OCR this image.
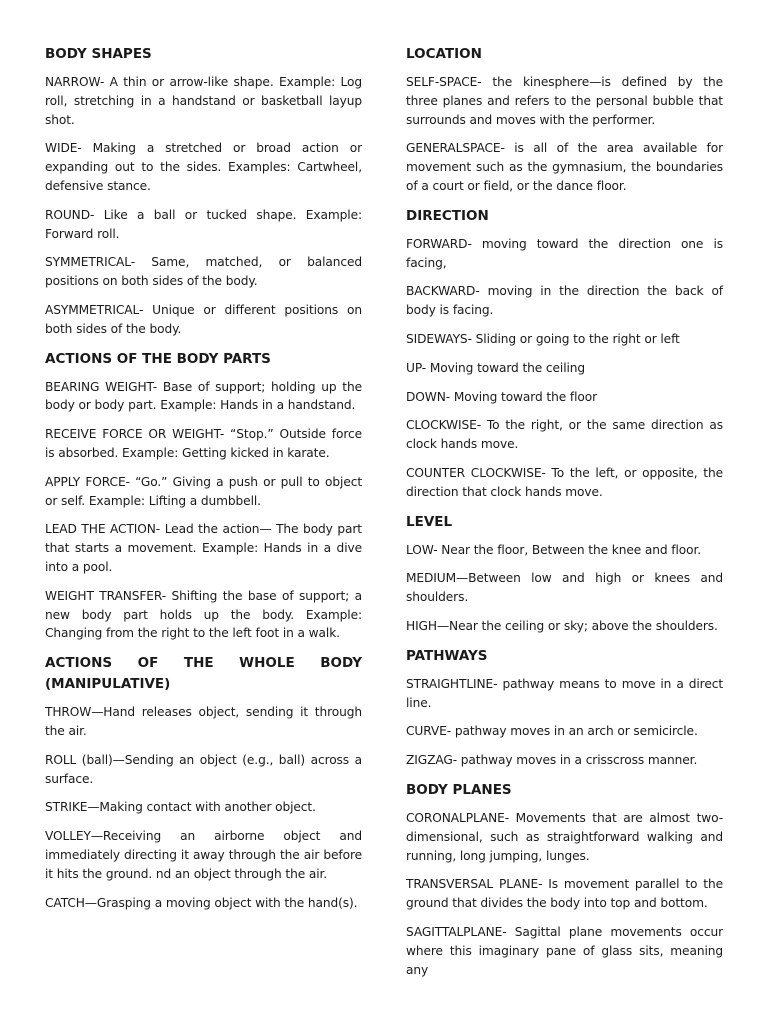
BODY SHAPES

NARROW- A thin or arrow-like shape. Example: Log roll, stretching in a handstand or basketball layup shot.

WIDE- Making a stretched or broad action or expanding out to the sides. Examples: Cartwheel, defensive stance.

ROUND- Like a ball or tucked shape. Example: Forward roll.

SYMMETRICAL- Same, matched, or balanced positions on both sides of the body.

ASYMMETRICAL- Unique or different positions on both sides of the body.

ACTIONS OF THE BODY PARTS

BEARING WEIGHT- Base of support; holding up the body or body part. Example: Hands in a handstand.

RECEIVE FORCE OR WEIGHT- “Stop.” Outside force is absorbed. Example: Getting kicked in karate.

APPLY FORCE- “Go.” Giving a push or pull to object or self. Example: Lifting a dumbbell.

LEAD THE ACTION- Lead the action— The body part that starts a movement. Example: Hands in a dive into a pool.

WEIGHT TRANSFER- Shifting the base of support; a new body part holds up the body. Example: Changing from the right to the left foot in a walk.

ACTIONS OF THE WHOLE BODY (MANIPULATIVE)

THROW—Hand releases object, sending it through the air.

ROLL (ball)—Sending an object (e.g., ball) across a surface.

STRIKE—Making contact with another object.

VOLLEY—Receiving an airborne object and immediately directing it away through the air before it hits the ground. nd an object through the air.

CATCH—Grasping a moving object with the hand(s).

LOCATION

SELF-SPACE- the kinesphere—is defined by the three planes and refers to the personal bubble that surrounds and moves with the performer.

GENERALSPACE- is all of the area available for movement such as the gymnasium, the boundaries of a court or field, or the dance floor.

DIRECTION

FORWARD- moving toward the direction one is facing,

BACKWARD- moving in the direction the back of body is facing.

SIDEWAYS- Sliding or going to the right or left

UP- Moving toward the ceiling

DOWN- Moving toward the floor

CLOCKWISE- To the right, or the same direction as clock hands move.

COUNTER CLOCKWISE- To the left, or opposite, the direction that clock hands move.

LEVEL

LOW- Near the floor, Between the knee and floor.

MEDIUM—Between low and high or knees and shoulders.

HIGH—Near the ceiling or sky; above the shoulders.

PATHWAYS

STRAIGHTLINE- pathway means to move in a direct line.

CURVE- pathway moves in an arch or semicircle.

ZIGZAG- pathway moves in a crisscross manner.

BODY PLANES

CORONALPLANE- Movements that are almost two-dimensional, such as straightforward walking and running, long jumping, lunges.

TRANSVERSAL PLANE- Is movement parallel to the ground that divides the body into top and bottom.

SAGITTALPLANE- Sagittal plane movements occur where this imaginary pane of glass sits, meaning any
